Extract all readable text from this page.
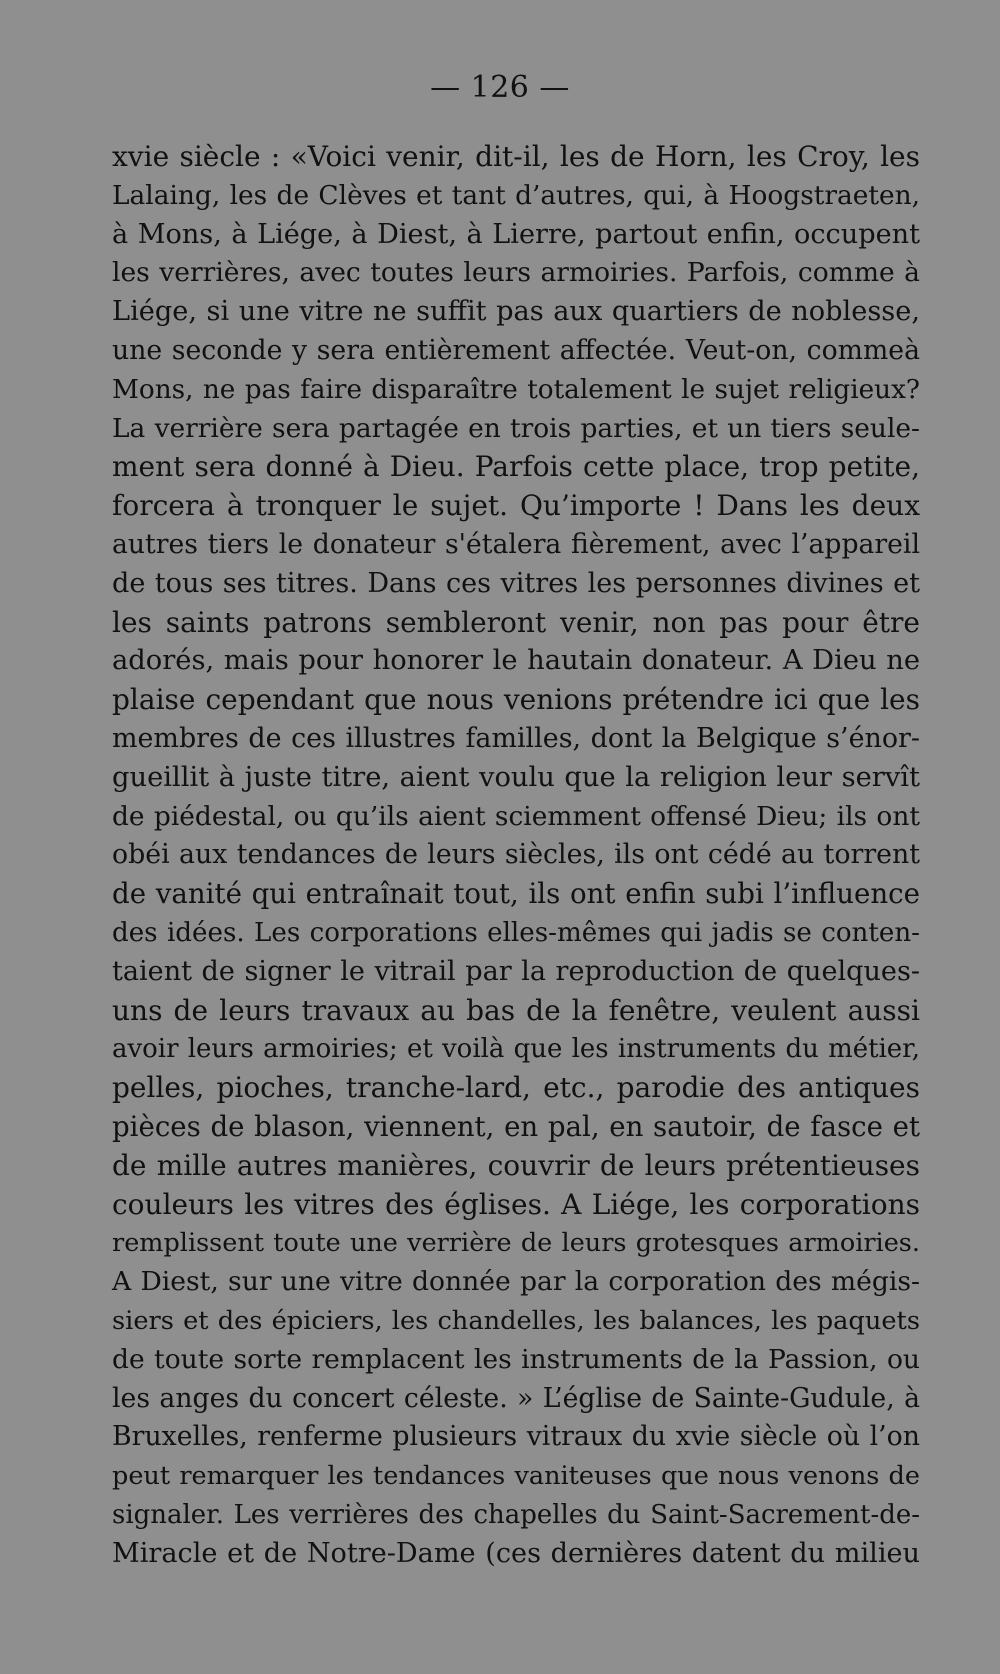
— 126 —
xvie siècle : «Voici venir, dit-il, les de Horn, les Croy, les
Lalaing, les de Clèves et tant d’autres, qui, à Hoogstraeten,
à Mons, à Liége, à Diest, à Lierre, partout enfin, occupent
les verrières, avec toutes leurs armoiries. Parfois, comme à
Liége, si une vitre ne suffit pas aux quartiers de noblesse,
une seconde y sera entièrement affectée. Veut-on, commeà
Mons, ne pas faire disparaître totalement le sujet religieux?
La verrière sera partagée en trois parties, et un tiers seule-
ment sera donné à Dieu. Parfois cette place, trop petite,
forcera à tronquer le sujet. Qu’importe ! Dans les deux
autres tiers le donateur s'étalera fièrement, avec l’appareil
de tous ses titres. Dans ces vitres les personnes divines et
les saints patrons sembleront venir, non pas pour être
adorés, mais pour honorer le hautain donateur. A Dieu ne
plaise cependant que nous venions prétendre ici que les
membres de ces illustres familles, dont la Belgique s’énor-
gueillit à juste titre, aient voulu que la religion leur servît
de piédestal, ou qu’ils aient sciemment offensé Dieu; ils ont
obéi aux tendances de leurs siècles, ils ont cédé au torrent
de vanité qui entraînait tout, ils ont enfin subi l’influence
des idées. Les corporations elles-mêmes qui jadis se conten-
taient de signer le vitrail par la reproduction de quelques-
uns de leurs travaux au bas de la fenêtre, veulent aussi
avoir leurs armoiries; et voilà que les instruments du métier,
pelles, pioches, tranche-lard, etc., parodie des antiques
pièces de blason, viennent, en pal, en sautoir, de fasce et
de mille autres manières, couvrir de leurs prétentieuses
couleurs les vitres des églises. A Liége, les corporations
remplissent toute une verrière de leurs grotesques armoiries.
A Diest, sur une vitre donnée par la corporation des mégis-
siers et des épiciers, les chandelles, les balances, les paquets
de toute sorte remplacent les instruments de la Passion, ou
les anges du concert céleste. » L’église de Sainte-Gudule, à
Bruxelles, renferme plusieurs vitraux du xvie siècle où l’on
peut remarquer les tendances vaniteuses que nous venons de
signaler. Les verrières des chapelles du Saint-Sacrement-de-
Miracle et de Notre-Dame (ces dernières datent du milieu
